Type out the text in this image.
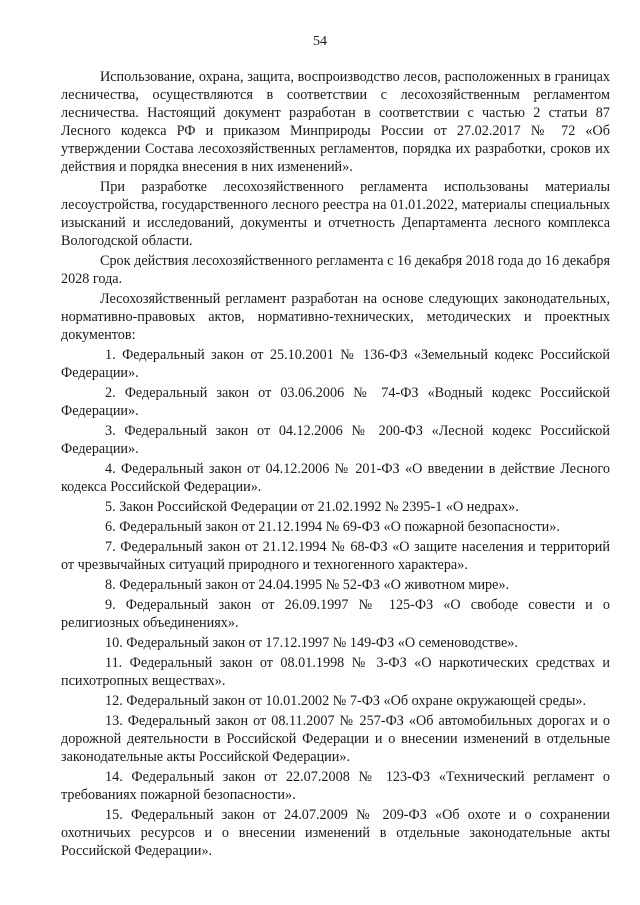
54

Использование, охрана, защита, воспроизводство лесов, расположенных в границах лесничества, осуществляются в соответствии с лесохозяйственным регламентом лесничества. Настоящий документ разработан в соответствии с частью 2 статьи 87 Лесного кодекса РФ и приказом Минприроды России от 27.02.2017 № 72 «Об утверждении Состава лесохозяйственных регламентов, порядка их разработки, сроков их действия и порядка внесения в них изменений».

При разработке лесохозяйственного регламента использованы материалы лесоустройства, государственного лесного реестра на 01.01.2022, материалы специальных изысканий и исследований, документы и отчетность Департамента лесного комплекса Вологодской области.

Срок действия лесохозяйственного регламента с 16 декабря 2018 года до 16 декабря 2028 года.

Лесохозяйственный регламент разработан на основе следующих законодательных, нормативно-правовых актов, нормативно-технических, методических и проектных документов:

1. Федеральный закон от 25.10.2001 № 136-ФЗ «Земельный кодекс Российской Федерации».

2. Федеральный закон от 03.06.2006 № 74-ФЗ «Водный кодекс Российской Федерации».

3. Федеральный закон от 04.12.2006 № 200-ФЗ «Лесной кодекс Российской Федерации».

4. Федеральный закон от 04.12.2006 № 201-ФЗ «О введении в действие Лесного кодекса Российской Федерации».

5. Закон Российской Федерации от 21.02.1992 № 2395-1 «О недрах».

6. Федеральный закон от 21.12.1994 № 69-ФЗ «О пожарной безопасности».

7. Федеральный закон от 21.12.1994 № 68-ФЗ «О защите населения и территорий от чрезвычайных ситуаций природного и техногенного характера».

8. Федеральный закон от 24.04.1995 № 52-ФЗ «О животном мире».

9. Федеральный закон от 26.09.1997 № 125-ФЗ «О свободе совести и о религиозных объединениях».

10. Федеральный закон от 17.12.1997 № 149-ФЗ «О семеноводстве».

11. Федеральный закон от 08.01.1998 № 3-ФЗ «О наркотических средствах и психотропных веществах».

12. Федеральный закон от 10.01.2002 № 7-ФЗ «Об охране окружающей среды».

13. Федеральный закон от 08.11.2007 № 257-ФЗ «Об автомобильных дорогах и о дорожной деятельности в Российской Федерации и о внесении изменений в отдельные законодательные акты Российской Федерации».

14. Федеральный закон от 22.07.2008 № 123-ФЗ «Технический регламент о требованиях пожарной безопасности».

15. Федеральный закон от 24.07.2009 № 209-ФЗ «Об охоте и о сохранении охотничьих ресурсов и о внесении изменений в отдельные законодательные акты Российской Федерации».
